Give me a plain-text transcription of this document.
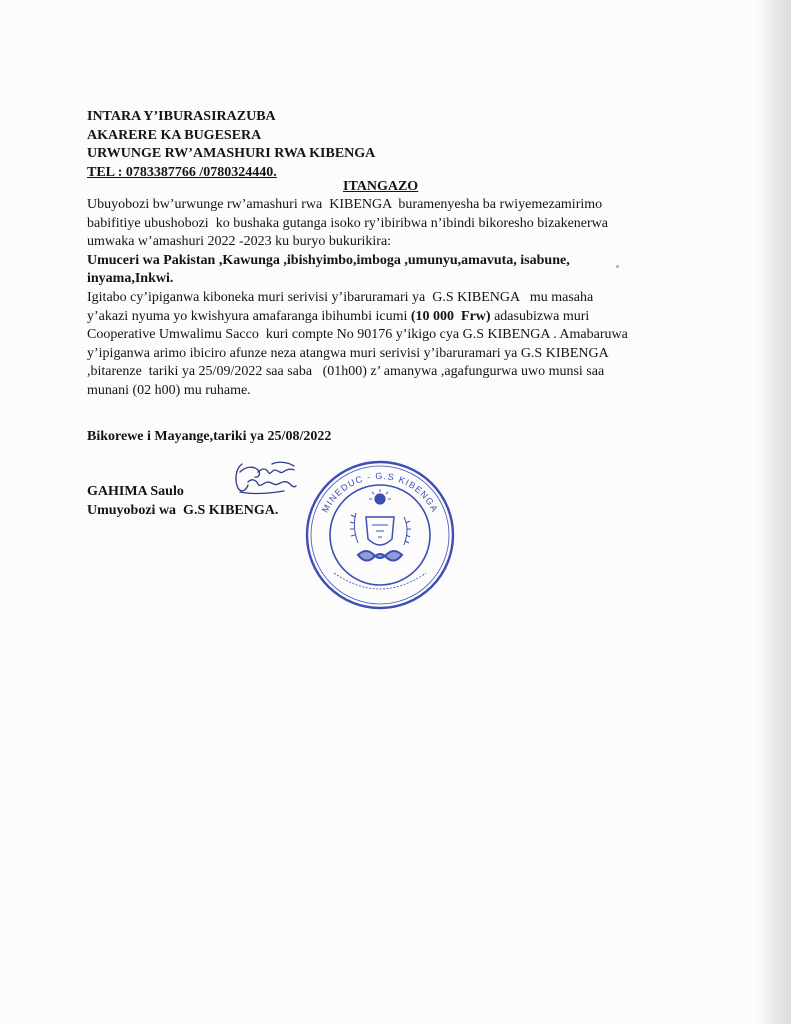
INTARA Y’IBURASIRAZUBA
AKARERE KA BUGESERA
URWUNGE RW’AMASHURI RWA KIBENGA
TEL : 0783387766 /0780324440.
ITANGAZO
Ubuyobozi bw’urwunge rw’amashuri rwa  KIBENGA  buramenyesha ba rwiyemezamirimo
babifitiye ubushobozi  ko bushaka gutanga isoko ry’ibiribwa n’ibindi bikoresho bizakenerwa
umwaka w’amashuri 2022 -2023 ku buryo bukurikira:
Umuceri wa Pakistan ,Kawunga ,ibishyimbo,imboga ,umunyu,amavuta, isabune,
inyama,Inkwi.
Igitabo cy’ipiganwa kiboneka muri serivisi y’ibaruramari ya  G.S KIBENGA   mu masaha
y’akazi nyuma yo kwishyura amafaranga ibihumbi icumi (10 000  Frw) adasubizwa muri
Cooperative Umwalimu Sacco  kuri compte No 90176 y’ikigo cya G.S KIBENGA . Amabaruwa
y’ipiganwa arimo ibiciro afunze neza atangwa muri serivisi y’ibaruramari ya G.S KIBENGA
,bitarenze  tariki ya 25/09/2022 saa saba   (01h00) z’ amanywa ,agafungurwa uwo munsi saa
munani (02 h00) mu ruhame.
Bikorewe i Mayange,tariki ya 25/08/2022
MINEDUC - G.S KIBENGA
GAHIMA Saulo
Umuyobozi wa  G.S KIBENGA.
